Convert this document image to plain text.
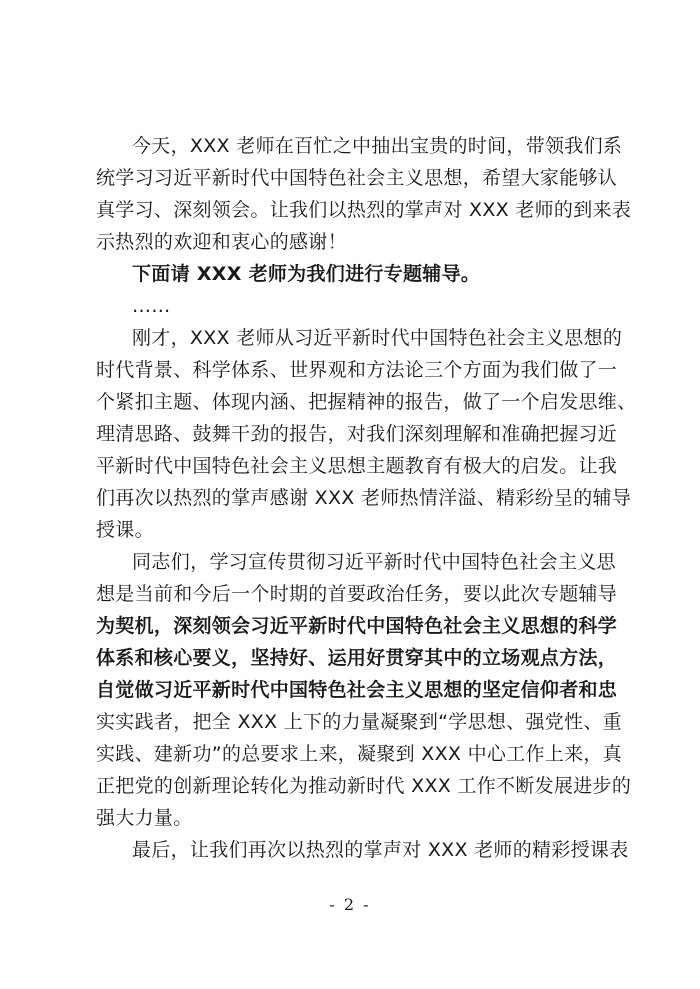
今天，XXX 老师在百忙之中抽出宝贵的时间，带领我们系
统学习习近平新时代中国特色社会主义思想，希望大家能够认
真学习、深刻领会。让我们以热烈的掌声对 XXX 老师的到来表
示热烈的欢迎和衷心的感谢！
下面请 XXX 老师为我们进行专题辅导。
……
刚才，XXX 老师从习近平新时代中国特色社会主义思想的
时代背景、科学体系、世界观和方法论三个方面为我们做了一
个紧扣主题、体现内涵、把握精神的报告，做了一个启发思维、
理清思路、鼓舞干劲的报告，对我们深刻理解和准确把握习近
平新时代中国特色社会主义思想主题教育有极大的启发。让我
们再次以热烈的掌声感谢 XXX 老师热情洋溢、精彩纷呈的辅导
授课。
同志们，学习宣传贯彻习近平新时代中国特色社会主义思
想是当前和今后一个时期的首要政治任务，要以此次专题辅导
为契机，深刻领会习近平新时代中国特色社会主义思想的科学
体系和核心要义，坚持好、运用好贯穿其中的立场观点方法，
自觉做习近平新时代中国特色社会主义思想的坚定信仰者和忠
实实践者，把全 XXX 上下的力量凝聚到“学思想、强党性、重
实践、建新功”的总要求上来，凝聚到 XXX 中心工作上来，真
正把党的创新理论转化为推动新时代 XXX 工作不断发展进步的
强大力量。
最后，让我们再次以热烈的掌声对 XXX 老师的精彩授课表
- 2 -
